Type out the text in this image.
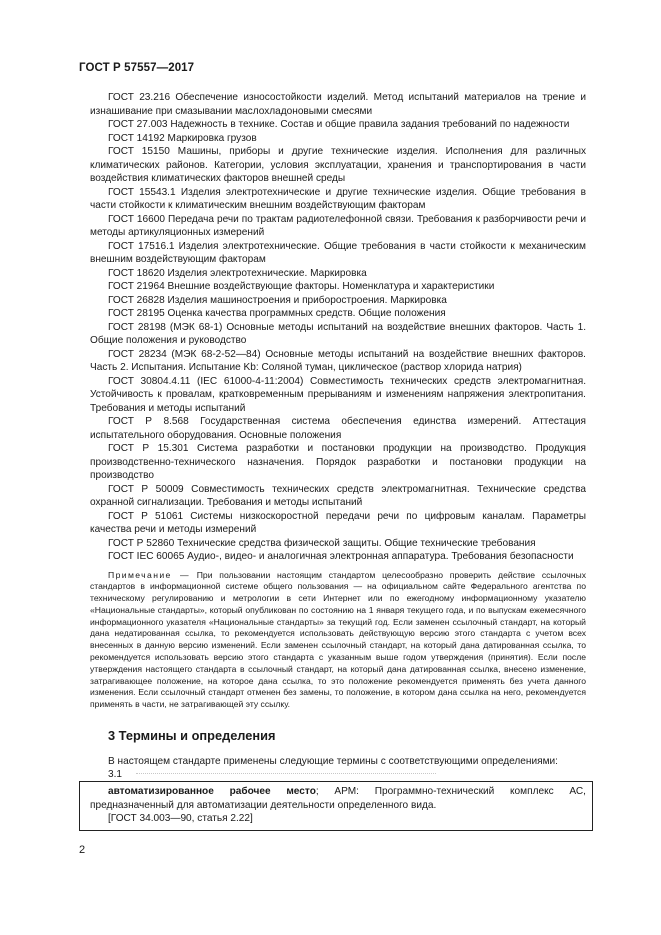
ГОСТ Р 57557—2017

ГОСТ 23.216 Обеспечение износостойкости изделий. Метод испытаний материалов на трение и изнашивание при смазывании маслохладоновыми смесями

ГОСТ 27.003 Надежность в технике. Состав и общие правила задания требований по надежности

ГОСТ 14192 Маркировка грузов

ГОСТ 15150 Машины, приборы и другие технические изделия. Исполнения для различных климатических районов. Категории, условия эксплуатации, хранения и транспортирования в части воздействия климатических факторов внешней среды

ГОСТ 15543.1 Изделия электротехнические и другие технические изделия. Общие требования в части стойкости к климатическим внешним воздействующим факторам

ГОСТ 16600 Передача речи по трактам радиотелефонной связи. Требования к разборчивости речи и методы артикуляционных измерений

ГОСТ 17516.1 Изделия электротехнические. Общие требования в части стойкости к механическим внешним воздействующим факторам

ГОСТ 18620 Изделия электротехнические. Маркировка

ГОСТ 21964 Внешние воздействующие факторы. Номенклатура и характеристики

ГОСТ 26828 Изделия машиностроения и приборостроения. Маркировка

ГОСТ 28195 Оценка качества программных средств. Общие положения

ГОСТ 28198 (МЭК 68-1) Основные методы испытаний на воздействие внешних факторов. Часть 1. Общие положения и руководство

ГОСТ 28234 (МЭК 68-2-52—84) Основные методы испытаний на воздействие внешних факторов. Часть 2. Испытания. Испытание Kb: Соляной туман, циклическое (раствор хлорида натрия)

ГОСТ 30804.4.11 (IEC 61000-4-11:2004) Совместимость технических средств электромагнитная. Устойчивость к провалам, кратковременным прерываниям и изменениям напряжения электропитания. Требования и методы испытаний

ГОСТ Р 8.568 Государственная система обеспечения единства измерений. Аттестация испытательного оборудования. Основные положения

ГОСТ Р 15.301 Система разработки и постановки продукции на производство. Продукция производственно-технического назначения. Порядок разработки и постановки продукции на производство

ГОСТ Р 50009 Совместимость технических средств электромагнитная. Технические средства охранной сигнализации. Требования и методы испытаний

ГОСТ Р 51061 Системы низкоскоростной передачи речи по цифровым каналам. Параметры качества речи и методы измерений

ГОСТ Р 52860 Технические средства физической защиты. Общие технические требования

ГОСТ IEC 60065 Аудио-, видео- и аналогичная электронная аппаратура. Требования безопасности

Примечание — При пользовании настоящим стандартом целесообразно проверить действие ссылочных стандартов в информационной системе общего пользования — на официальном сайте Федерального агентства по техническому регулированию и метрологии в сети Интернет или по ежегодному информационному указателю «Национальные стандарты», который опубликован по состоянию на 1 января текущего года, и по выпускам ежемесячного информационного указателя «Национальные стандарты» за текущий год. Если заменен ссылочный стандарт, на который дана недатированная ссылка, то рекомендуется использовать действующую версию этого стандарта с учетом всех внесенных в данную версию изменений. Если заменен ссылочный стандарт, на который дана датированная ссылка, то рекомендуется использовать версию этого стандарта с указанным выше годом утверждения (принятия). Если после утверждения настоящего стандарта в ссылочный стандарт, на который дана датированная ссылка, внесено изменение, затрагивающее положение, на которое дана ссылка, то это положение рекомендуется применять без учета данного изменения. Если ссылочный стандарт отменен без замены, то положение, в котором дана ссылка на него, рекомендуется применять в части, не затрагивающей эту ссылку.

3 Термины и определения

В настоящем стандарте применены следующие термины с соответствующими определениями:

3.1

автоматизированное рабочее место; АРМ: Программно-технический комплекс АС, предназначенный для автоматизации деятельности определенного вида.

[ГОСТ 34.003—90, статья 2.22]

2
